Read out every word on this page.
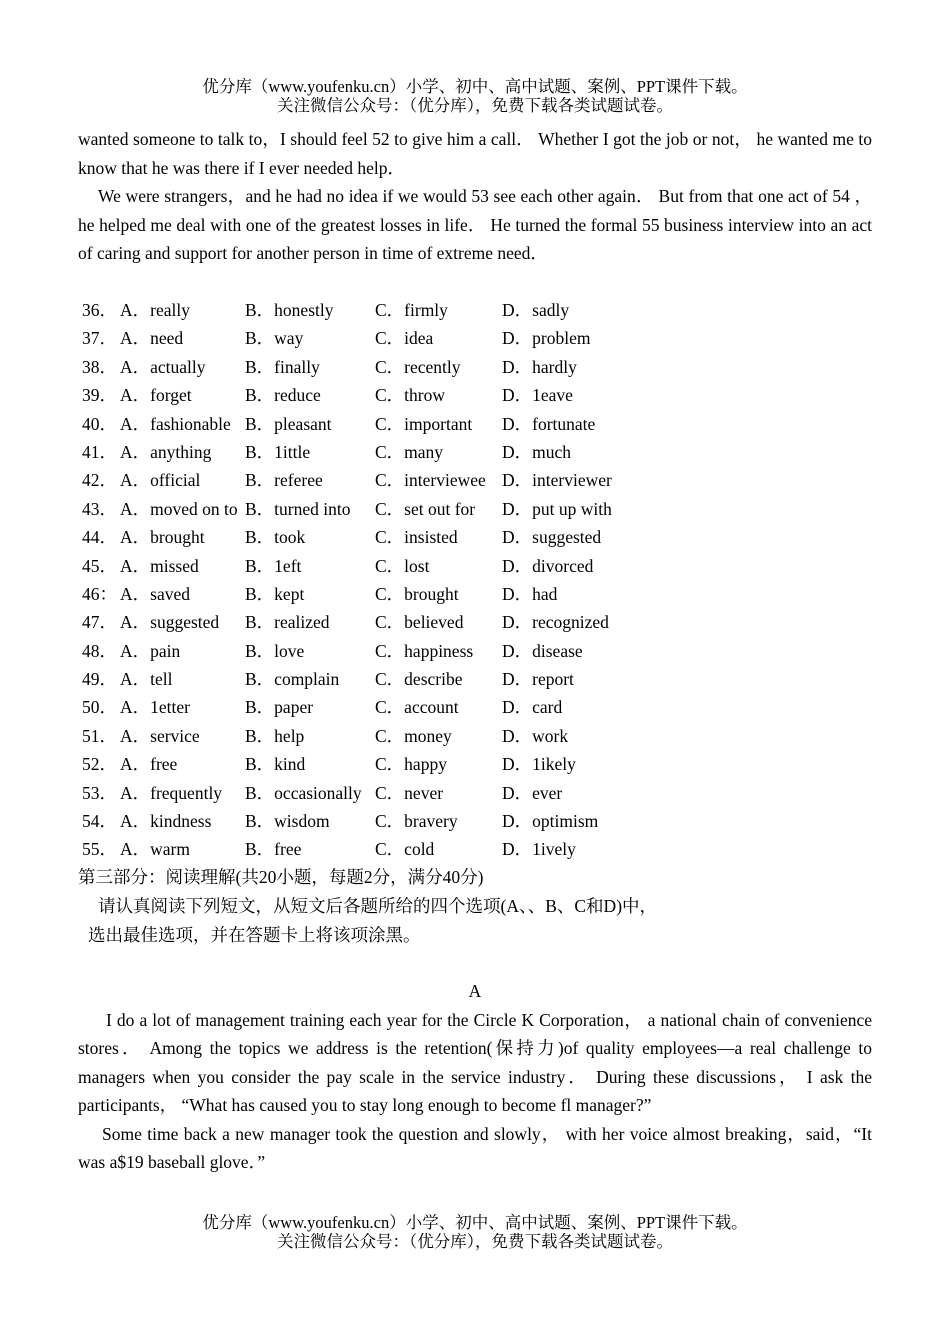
优分库（www.youfenku.cn）小学、初中、高中试题、案例、PPT课件下载。
关注微信公众号：（优分库），免费下载各类试题试卷。

wanted someone to talk to，I should feel 52 to give him a call． Whether I got the job or not， he wanted me to know that he was there if I ever needed help．

We were strangers，and he had no idea if we would 53 see each other again． But from that one act of 54 ，he helped me deal with one of the greatest losses in life． He turned the formal 55 business interview into an act of caring and support for another person in time of extreme need．

36． A．really	B．honestly C．firmly	D．sadly
37． A．need	B．way	C．idea	D．problem
38． A．actually B．finally	C．recently D．hardly
39． A．forget	B．reduce	C．throw	D．1eave
40． A．fashionable B．pleasant C．important D．fortunate
41． A．anything B．1ittle	C．many	D．much
42． A．official	B．referee	C．interviewee D．interviewer
43． A．moved on to B．turned into C．set out for D．put up with
44． A．brought B．took	C．insisted	D．suggested
45． A．missed	B．1eft	C．lost	D．divorced
46： A．saved	B．kept	C．brought D．had
47． A．suggested B．realized	C．believed D．recognized
48． A．pain	B．love	C．happiness D．disease
49． A．tell	B．complain C．describe D．report
50． A．1etter	B．paper	C．account D．card
51． A．service	B．help	C．money	D．work
52． A．free	B．kind	C．happy	D．1ikely
53． A．frequently B．occasionally C．never	D．ever
54． A．kindness B．wisdom	C．bravery	D．optimism
55． A．warm	B．free	C．cold	D．1ively
第三部分：阅读理解(共20小题，每题2分，满分40分)
请认真阅读下列短文，从短文后各题所给的四个选项(A、、B、C和D)中，
选出最佳选项，并在答题卡上将该项涂黑。
A

I do a lot of management training each year for the Circle K Corporation， a national chain of convenience stores． Among the topics we address is the retention(保持力)of quality employees—a real challenge to managers when you consider the pay scale in the service industry． During these discussions， I ask the participants， “What has caused you to stay long enough to become fl manager?”

Some time back a new manager took the question and slowly， with her voice almost breaking，said，“It was a$19 baseball glove．”

优分库（www.youfenku.cn）小学、初中、高中试题、案例、PPT课件下载。
关注微信公众号：（优分库），免费下载各类试题试卷。
